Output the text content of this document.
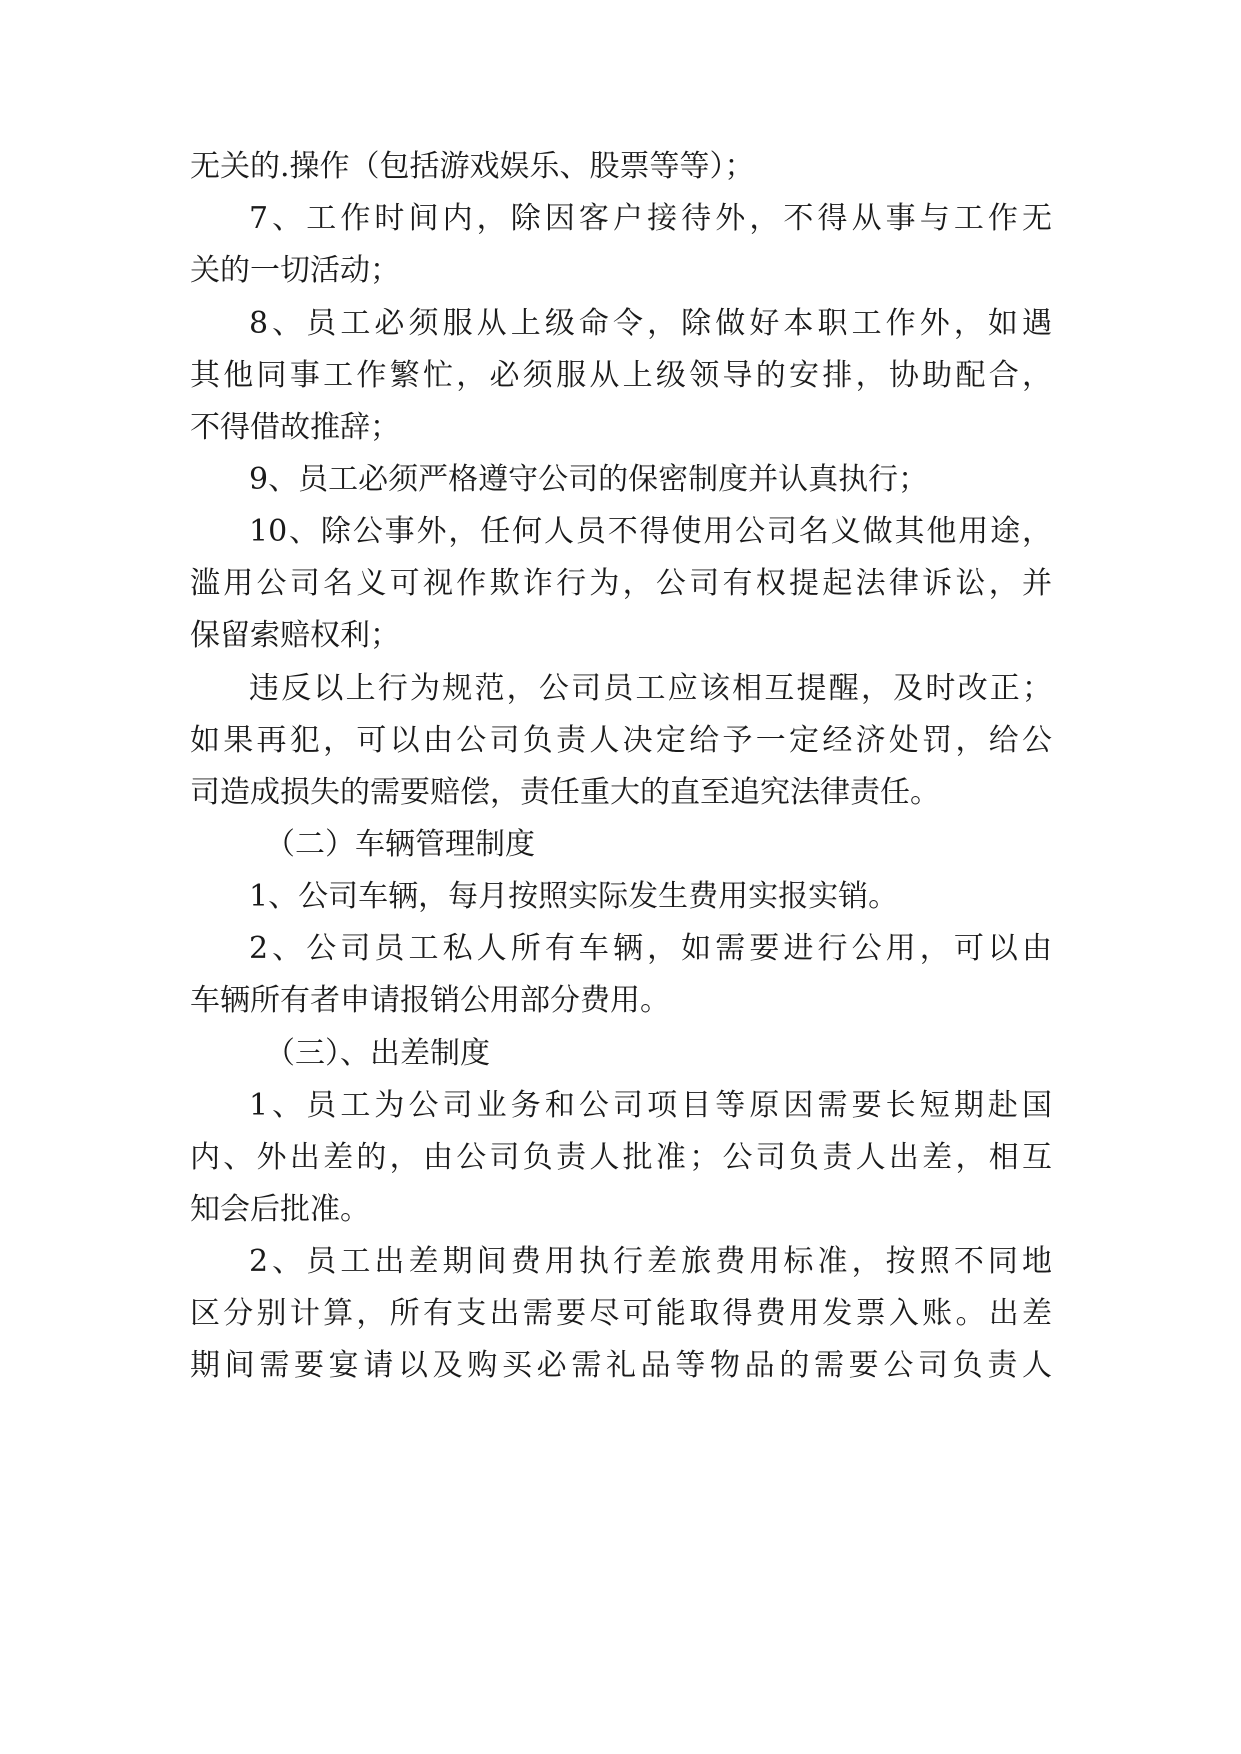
无关的.操作（包括游戏娱乐、股票等等）；
7、工作时间内，除因客户接待外，不得从事与工作无
关的一切活动；
8、员工必须服从上级命令，除做好本职工作外，如遇
其他同事工作繁忙，必须服从上级领导的安排，协助配合，
不得借故推辞；
9、员工必须严格遵守公司的保密制度并认真执行；
10、除公事外，任何人员不得使用公司名义做其他用途，
滥用公司名义可视作欺诈行为，公司有权提起法律诉讼，并
保留索赔权利；
违反以上行为规范，公司员工应该相互提醒，及时改正；
如果再犯，可以由公司负责人决定给予一定经济处罚，给公
司造成损失的需要赔偿，责任重大的直至追究法律责任。
（二）车辆管理制度
1、公司车辆，每月按照实际发生费用实报实销。
2、公司员工私人所有车辆，如需要进行公用，可以由
车辆所有者申请报销公用部分费用。
（三）、出差制度
1、员工为公司业务和公司项目等原因需要长短期赴国
内、外出差的，由公司负责人批准；公司负责人出差，相互
知会后批准。
2、员工出差期间费用执行差旅费用标准，按照不同地
区分别计算，所有支出需要尽可能取得费用发票入账。出差
期间需要宴请以及购买必需礼品等物品的需要公司负责人
